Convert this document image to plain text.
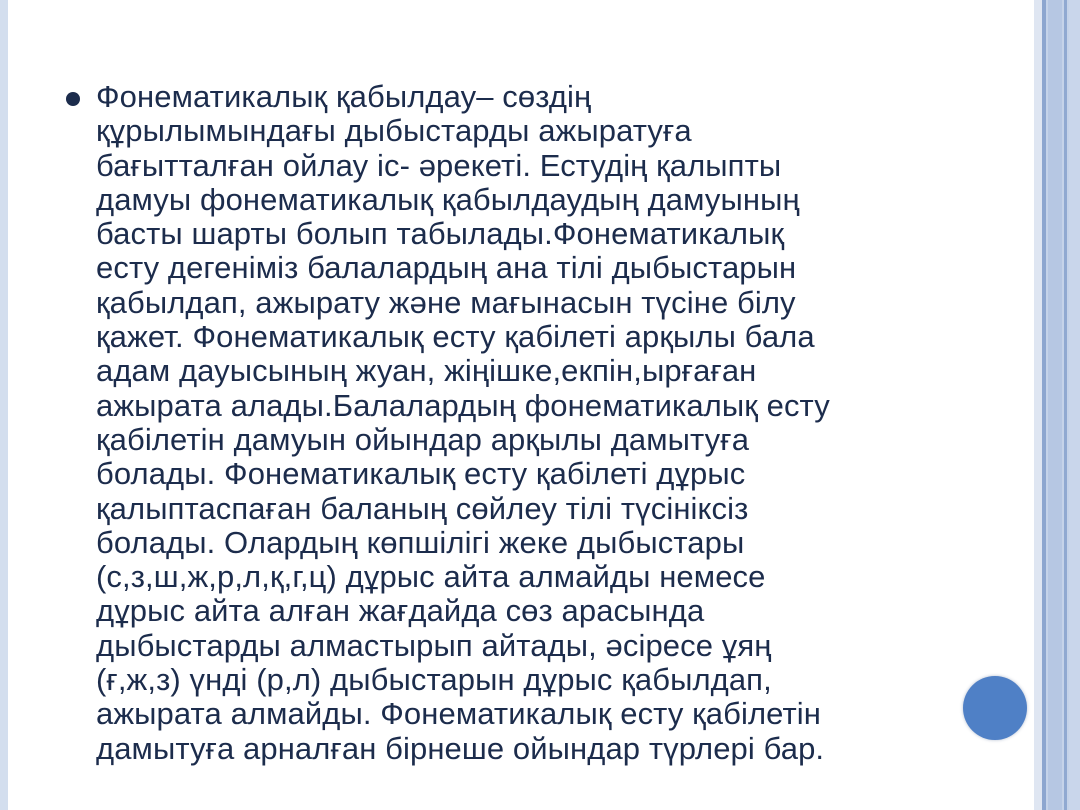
Фонематикалық қабылдау– сөздің
құрылымындағы дыбыстарды ажыратуға
бағытталған ойлау іс- әрекеті. Естудің қалыпты
дамуы фонематикалық қабылдаудың дамуының
басты шарты болып табылады.Фонематикалық
есту дегеніміз балалардың ана тілі дыбыстарын
қабылдап, ажырату және мағынасын түсіне білу
қажет. Фонематикалық есту қабілеті арқылы бала
адам дауысының жуан, жіңішке,екпін,ырғаған
ажырата алады.Балалардың фонематикалық есту
қабілетін дамуын ойындар арқылы дамытуға
болады. Фонематикалық есту қабілеті дұрыс
қалыптаспаған баланың сөйлеу тілі түсініксіз
болады. Олардың көпшілігі жеке дыбыстары
(с,з,ш,ж,р,л,қ,г,ц) дұрыс айта алмайды немесе
дұрыс айта алған жағдайда сөз арасында
дыбыстарды алмастырып айтады, әсіресе ұяң
(ғ,ж,з) үнді (р,л) дыбыстарын дұрыс қабылдап,
ажырата алмайды. Фонематикалық есту қабілетін
дамытуға арналған бірнеше ойындар түрлері бар.
